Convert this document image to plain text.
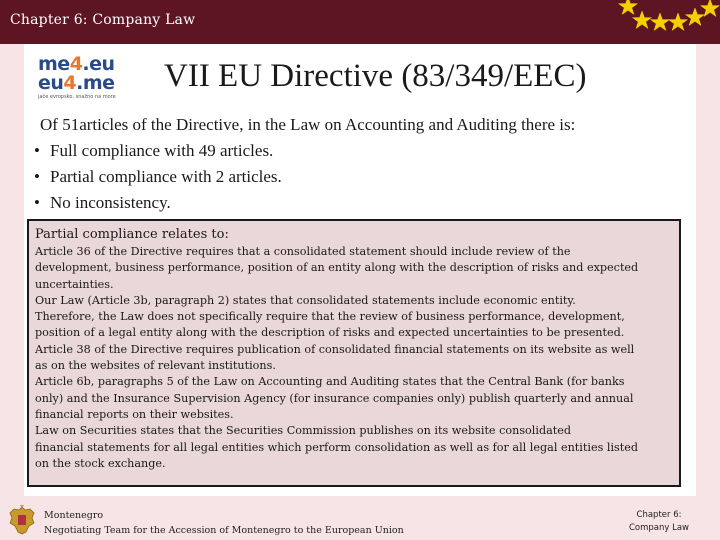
Chapter 6: Company Law
me4.eu
eu4.me
jače evropsko, snažno na more
VII EU Directive (83/349/EEC)
Of 51articles of the Directive, in the Law on Accounting and Auditing there is:
• Full compliance with 49 articles.
• Partial compliance with 2 articles.
• No inconsistency.
Partial compliance relates to:
Article 36 of the Directive requires that a consolidated statement should include review of the
development, business performance, position of an entity along with the description of risks and expected
uncertainties.
Our Law (Article 3b, paragraph 2) states that consolidated statements include economic entity.
Therefore, the Law does not specifically require that the review of business performance, development,
position of a legal entity along with the description of risks and expected uncertainties to be presented.
Article 38 of the Directive requires publication of consolidated financial statements on its website as well
as on the websites of relevant institutions.
Article 6b, paragraphs 5 of the Law on Accounting and Auditing states that the Central Bank (for banks
only) and the Insurance Supervision Agency (for insurance companies only) publish quarterly and annual
financial reports on their websites.
Law on Securities states that the Securities Commission publishes on its website consolidated
financial statements for all legal entities which perform consolidation as well as for all legal entities listed
on the stock exchange.
Montenegro
Negotiating Team for the Accession of Montenegro to the European Union
Chapter 6:
Company Law
